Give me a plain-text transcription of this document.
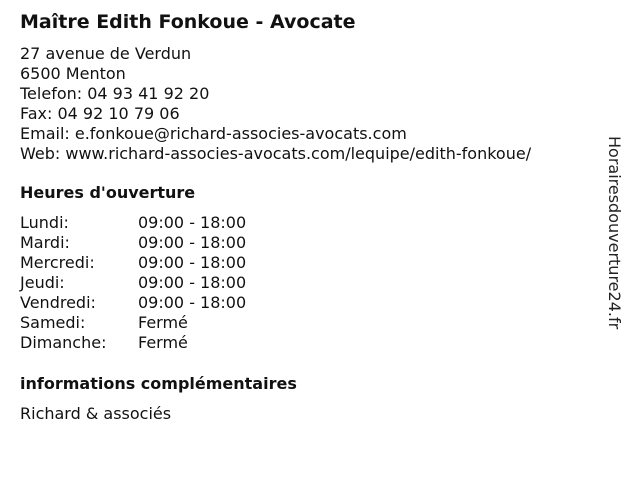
Maître Edith Fonkoue - Avocate
27 avenue de Verdun
6500 Menton
Telefon: 04 93 41 92 20
Fax: 04 92 10 79 06
Email: e.fonkoue@richard-associes-avocats.com
Web: www.richard-associes-avocats.com/lequipe/edith-fonkoue/
Heures d'ouverture
Lundi:	09:00 - 18:00
Mardi:	09:00 - 18:00
Mercredi:	09:00 - 18:00
Jeudi:	09:00 - 18:00
Vendredi:	09:00 - 18:00
Samedi:	Fermé
Dimanche:	Fermé
informations complémentaires
Richard & associés
Horairesdouverture24.fr
